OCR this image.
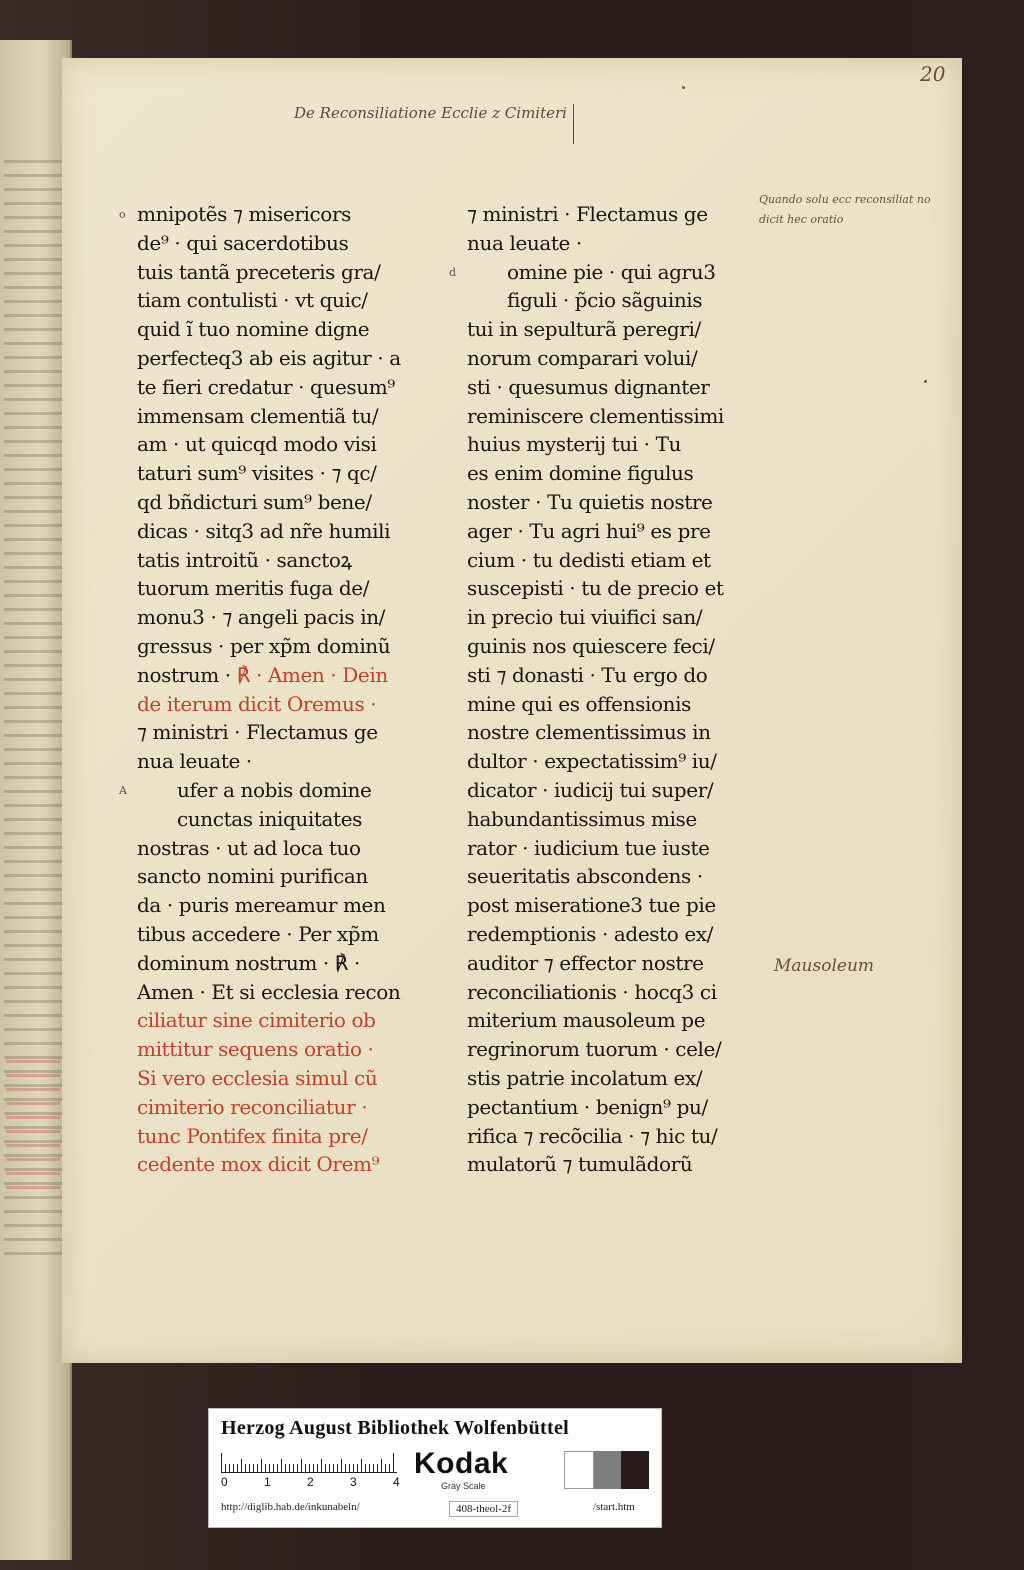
20
De Reconsiliatione Ecclie z Cimiteri
mnipotẽs ⁊ misericors
o
de⁹ · qui sacerdotibus
tuis tantã preceteris gra/
tiam contulisti · vt quic/
quid ĩ tuo nomine digne
perfecteq3 ab eis agitur · a
te fieri credatur · quesum⁹
immensam clementiã tu/
am · ut quicqd modo visi
taturi sum⁹ visites · ⁊ qc/
qd bñdicturi sum⁹ bene/
dicas · sitq3 ad nr̃e humili
tatis introitũ · sanctoꝝ
tuorum meritis fuga de/
monu3 · ⁊ angeli pacis in/
gressus · per xp̃m dominũ
nostrum · ℟ · Amen · Dein
de iterum dicit Oremus ·
⁊ ministri · Flectamus ge
nua leuate ·
ufer a nobis domine
A
cunctas iniquitates
nostras · ut ad loca tuo
sancto nomini purifican
da · puris mereamur men
tibus accedere · Per xp̃m
dominum nostrum · ℟ ·
Amen · Et si ecclesia recon
ciliatur sine cimiterio ob
mittitur sequens oratio ·
Si vero ecclesia simul cũ
cimiterio reconciliatur ·
tunc Pontifex finita pre/
cedente mox dicit Orem⁹
⁊ ministri · Flectamus ge
nua leuate ·
omine pie · qui agru3
d
figuli · p̃cio sãguinis
tui in sepulturã peregri/
norum comparari volui/
sti · quesumus dignanter
reminiscere clementissimi
huius mysterij tui · Tu
es enim domine figulus
noster · Tu quietis nostre
ager · Tu agri hui⁹ es pre
cium · tu dedisti etiam et
suscepisti · tu de precio et
in precio tui viuifici san/
guinis nos quiescere feci/
sti ⁊ donasti · Tu ergo do
mine qui es offensionis
nostre clementissimus in
dultor · expectatissim⁹ iu/
dicator · iudicij tui super/
habundantissimus mise
rator · iudicium tue iuste
seueritatis abscondens ·
post miseratione3 tue pie
redemptionis · adesto ex/
auditor ⁊ effector nostre
reconciliationis · hocq3 ci
miterium mausoleum pe
regrinorum tuorum · cele/
stis patrie incolatum ex/
pectantium · benign⁹ pu/
rifica ⁊ recõcilia · ⁊ hic tu/
mulatorũ ⁊ tumulãdorũ
Quando solu ecc reconsiliat no dicit hec oratio
Mausoleum
Herzog August Bibliothek Wolfenbüttel
0	1	2	3	4
Kodak
Gray Scale
http://diglib.hab.de/inkunabeln/	408-theol-2f	/start.htm
